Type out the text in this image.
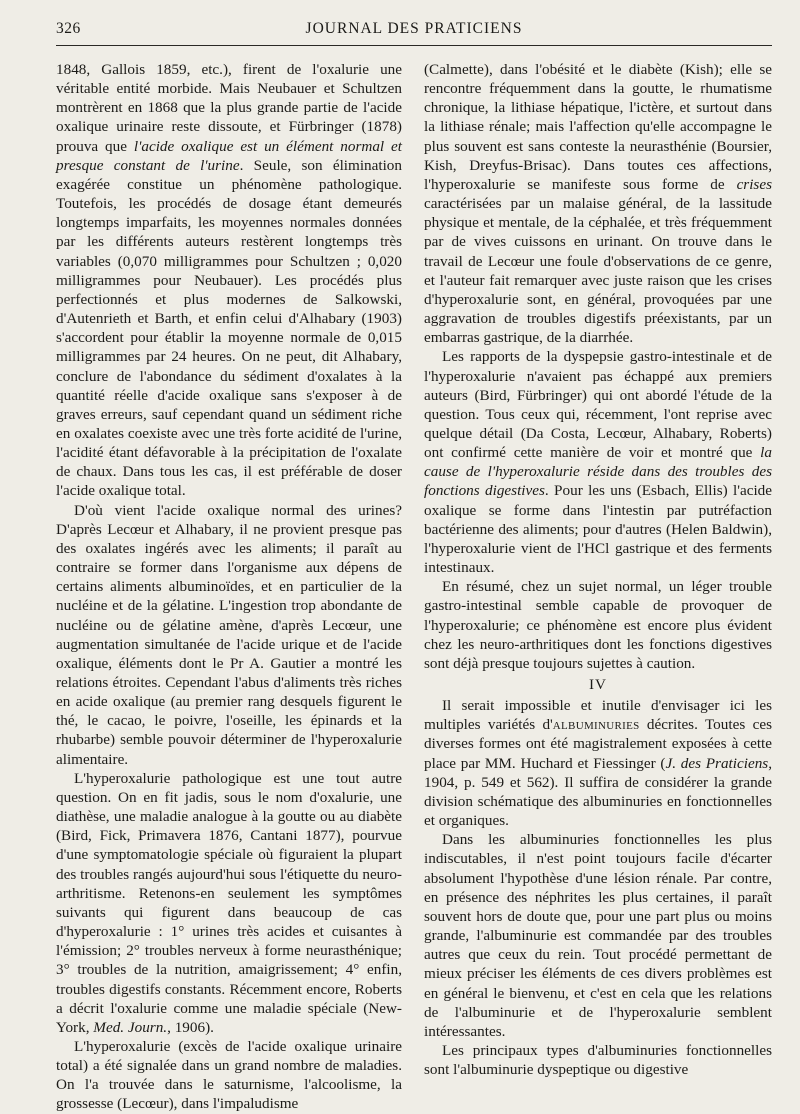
326	JOURNAL DES PRATICIENS

1848, Gallois 1859, etc.), firent de l'oxalurie une véritable entité morbide. Mais Neubauer et Schultzen montrèrent en 1868 que la plus grande partie de l'acide oxalique urinaire reste dissoute, et Fürbringer (1878) prouva que l'acide oxalique est un élément normal et presque constant de l'urine. Seule, son élimination exagérée constitue un phénomène pathologique. Toutefois, les procédés de dosage étant demeurés longtemps imparfaits, les moyennes normales données par les différents auteurs restèrent longtemps très variables (0,070 milligrammes pour Schultzen ; 0,020 milligrammes pour Neubauer). Les procédés plus perfectionnés et plus modernes de Salkowski, d'Autenrieth et Barth, et enfin celui d'Alhabary (1903) s'accordent pour établir la moyenne normale de 0,015 milligrammes par 24 heures. On ne peut, dit Alhabary, conclure de l'abondance du sédiment d'oxalates à la quantité réelle d'acide oxalique sans s'exposer à de graves erreurs, sauf cependant quand un sédiment riche en oxalates coexiste avec une très forte acidité de l'urine, l'acidité étant défavorable à la précipitation de l'oxalate de chaux. Dans tous les cas, il est préférable de doser l'acide oxalique total.

D'où vient l'acide oxalique normal des urines? D'après Lecœur et Alhabary, il ne provient presque pas des oxalates ingérés avec les aliments; il paraît au contraire se former dans l'organisme aux dépens de certains aliments albuminoïdes, et en particulier de la nucléine et de la gélatine. L'ingestion trop abondante de nucléine ou de gélatine amène, d'après Lecœur, une augmentation simultanée de l'acide urique et de l'acide oxalique, éléments dont le Pr A. Gautier a montré les relations étroites. Cependant l'abus d'aliments très riches en acide oxalique (au premier rang desquels figurent le thé, le cacao, le poivre, l'oseille, les épinards et la rhubarbe) semble pouvoir déterminer de l'hyperoxalurie alimentaire.

L'hyperoxalurie pathologique est une tout autre question. On en fit jadis, sous le nom d'oxalurie, une diathèse, une maladie analogue à la goutte ou au diabète (Bird, Fick, Primavera 1876, Cantani 1877), pourvue d'une symptomatologie spéciale où figuraient la plupart des troubles rangés aujourd'hui sous l'étiquette du neuro-arthritisme. Retenons-en seulement les symptômes suivants qui figurent dans beaucoup de cas d'hyperoxalurie : 1° urines très acides et cuisantes à l'émission; 2° troubles nerveux à forme neurasthénique; 3° troubles de la nutrition, amaigrissement; 4° enfin, troubles digestifs constants. Récemment encore, Roberts a décrit l'oxalurie comme une maladie spéciale (New-York, Med. Journ., 1906).

L'hyperoxalurie (excès de l'acide oxalique urinaire total) a été signalée dans un grand nombre de maladies. On l'a trouvée dans le saturnisme, l'alcoolisme, la grossesse (Lecœur), dans l'impaludisme

(Calmette), dans l'obésité et le diabète (Kish); elle se rencontre fréquemment dans la goutte, le rhumatisme chronique, la lithiase hépatique, l'ictère, et surtout dans la lithiase rénale; mais l'affection qu'elle accompagne le plus souvent est sans conteste la neurasthénie (Boursier, Kish, Dreyfus-Brisac). Dans toutes ces affections, l'hyperoxalurie se manifeste sous forme de crises caractérisées par un malaise général, de la lassitude physique et mentale, de la céphalée, et très fréquemment par de vives cuissons en urinant. On trouve dans le travail de Lecœur une foule d'observations de ce genre, et l'auteur fait remarquer avec juste raison que les crises d'hyperoxalurie sont, en général, provoquées par une aggravation de troubles digestifs préexistants, par un embarras gastrique, de la diarrhée.

Les rapports de la dyspepsie gastro-intestinale et de l'hyperoxalurie n'avaient pas échappé aux premiers auteurs (Bird, Fürbringer) qui ont abordé l'étude de la question. Tous ceux qui, récemment, l'ont reprise avec quelque détail (Da Costa, Lecœur, Alhabary, Roberts) ont confirmé cette manière de voir et montré que la cause de l'hyperoxalurie réside dans des troubles des fonctions digestives. Pour les uns (Esbach, Ellis) l'acide oxalique se forme dans l'intestin par putréfaction bactérienne des aliments; pour d'autres (Helen Baldwin), l'hyperoxalurie vient de l'HCl gastrique et des ferments intestinaux.

En résumé, chez un sujet normal, un léger trouble gastro-intestinal semble capable de provoquer de l'hyperoxalurie; ce phénomène est encore plus évident chez les neuro-arthritiques dont les fonctions digestives sont déjà presque toujours sujettes à caution.

IV

Il serait impossible et inutile d'envisager ici les multiples variétés d'albuminuries décrites. Toutes ces diverses formes ont été magistralement exposées à cette place par MM. Huchard et Fiessinger (J. des Praticiens, 1904, p. 549 et 562). Il suffira de considérer la grande division schématique des albuminuries en fonctionnelles et organiques.

Dans les albuminuries fonctionnelles les plus indiscutables, il n'est point toujours facile d'écarter absolument l'hypothèse d'une lésion rénale. Par contre, en présence des néphrites les plus certaines, il paraît souvent hors de doute que, pour une part plus ou moins grande, l'albuminurie est commandée par des troubles autres que ceux du rein. Tout procédé permettant de mieux préciser les éléments de ces divers problèmes est en général le bienvenu, et c'est en cela que les relations de l'albuminurie et de l'hyperoxalurie semblent intéressantes.

Les principaux types d'albuminuries fonctionnelles sont l'albuminurie dyspeptique ou digestive
